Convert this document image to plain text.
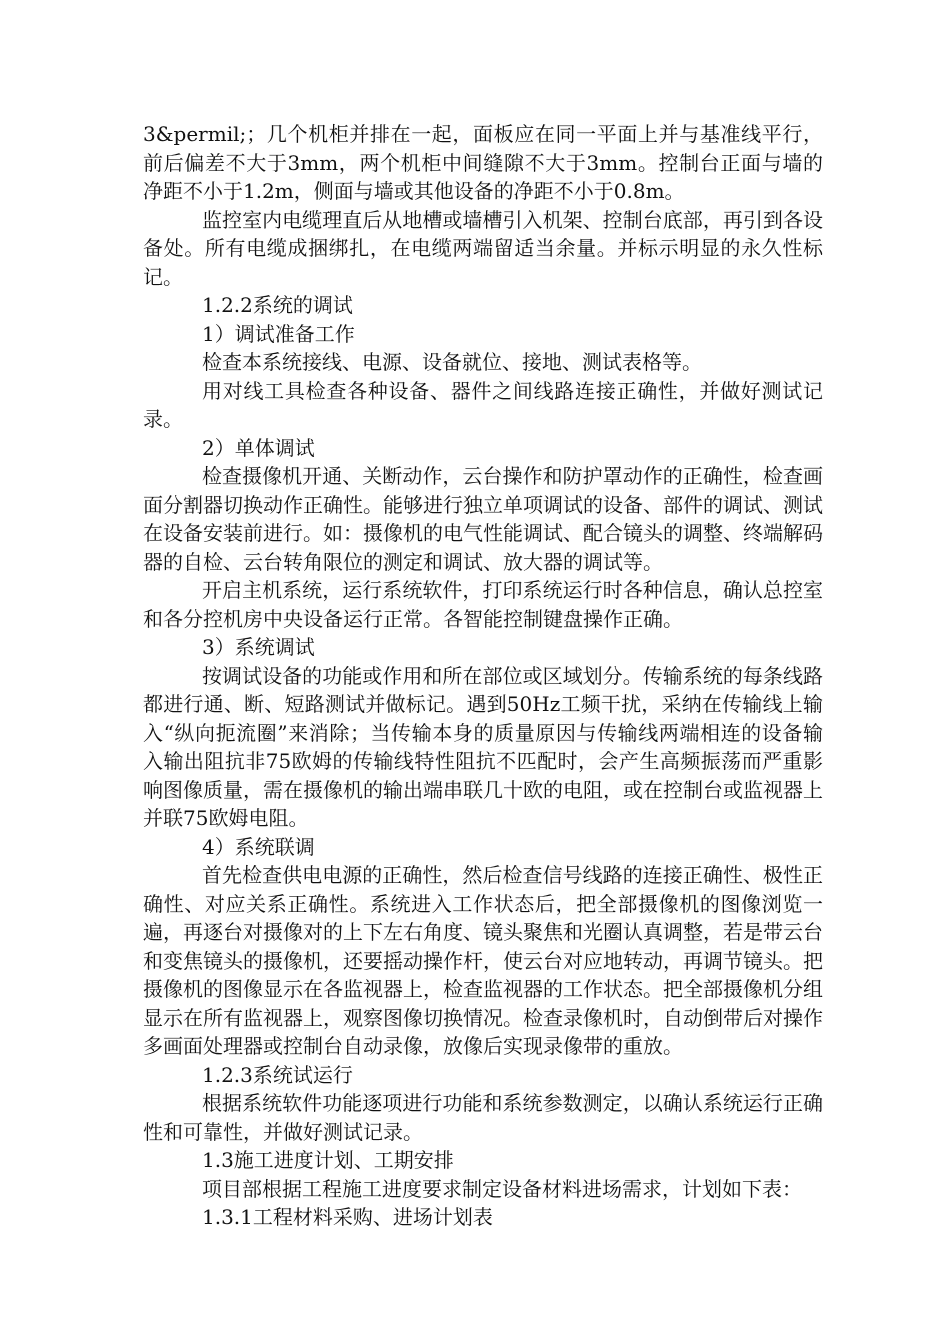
3&permil;；几个机柜并排在一起，面板应在同一平面上并与基准线平行，前后偏差不大于3mm，两个机柜中间缝隙不大于3mm。控制台正面与墙的净距不小于1.2m，侧面与墙或其他设备的净距不小于0.8m。

监控室内电缆理直后从地槽或墙槽引入机架、控制台底部，再引到各设备处。所有电缆成捆绑扎，在电缆两端留适当余量。并标示明显的永久性标记。

1.2.2系统的调试

1）调试准备工作

检查本系统接线、电源、设备就位、接地、测试表格等。

用对线工具检查各种设备、器件之间线路连接正确性，并做好测试记录。

2）单体调试

检查摄像机开通、关断动作，云台操作和防护罩动作的正确性，检查画面分割器切换动作正确性。能够进行独立单项调试的设备、部件的调试、测试在设备安装前进行。如：摄像机的电气性能调试、配合镜头的调整、终端解码器的自检、云台转角限位的测定和调试、放大器的调试等。

开启主机系统，运行系统软件，打印系统运行时各种信息，确认总控室和各分控机房中央设备运行正常。各智能控制键盘操作正确。

3）系统调试

按调试设备的功能或作用和所在部位或区域划分。传输系统的每条线路都进行通、断、短路测试并做标记。遇到50Hz工频干扰，采纳在传输线上输入“纵向扼流圈”来消除；当传输本身的质量原因与传输线两端相连的设备输入输出阻抗非75欧姆的传输线特性阻抗不匹配时，会产生高频振荡而严重影响图像质量，需在摄像机的输出端串联几十欧的电阻，或在控制台或监视器上并联75欧姆电阻。

4）系统联调

首先检查供电电源的正确性，然后检查信号线路的连接正确性、极性正确性、对应关系正确性。系统进入工作状态后，把全部摄像机的图像浏览一遍，再逐台对摄像对的上下左右角度、镜头聚焦和光圈认真调整，若是带云台和变焦镜头的摄像机，还要摇动操作杆，使云台对应地转动，再调节镜头。把摄像机的图像显示在各监视器上，检查监视器的工作状态。把全部摄像机分组显示在所有监视器上，观察图像切换情况。检查录像机时，自动倒带后对操作多画面处理器或控制台自动录像，放像后实现录像带的重放。

1.2.3系统试运行

根据系统软件功能逐项进行功能和系统参数测定，以确认系统运行正确性和可靠性，并做好测试记录。

1.3施工进度计划、工期安排

项目部根据工程施工进度要求制定设备材料进场需求，计划如下表：

1.3.1工程材料采购、进场计划表
